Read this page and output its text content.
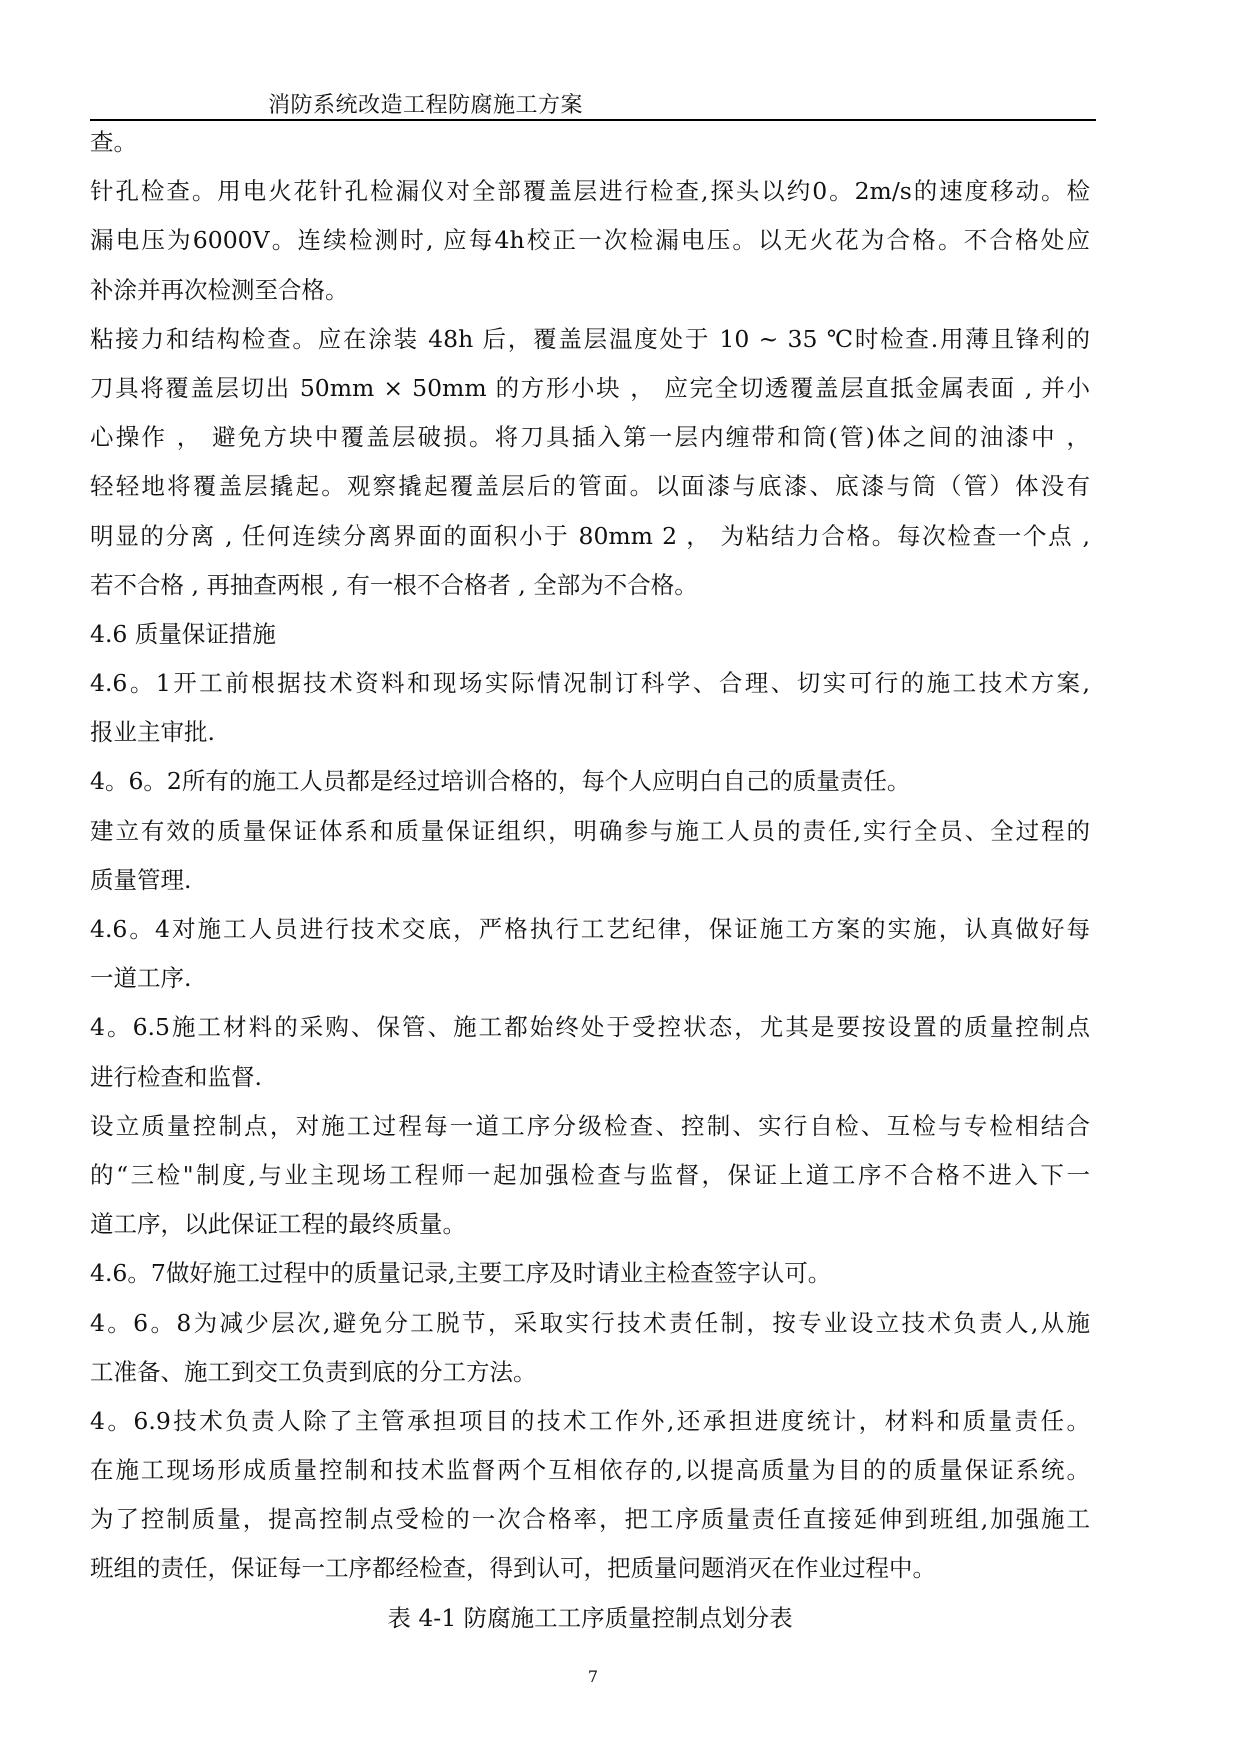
消防系统改造工程防腐施工方案
查。
针孔检查。用电火花针孔检漏仪对全部覆盖层进行检查,探头以约0。2m/s的速度移动。检
漏电压为6000V。连续检测时, 应每4h校正一次检漏电压。以无火花为合格。不合格处应
补涂并再次检测至合格。
粘接力和结构检查。应在涂装 48h 后，覆盖层温度处于 10 ~ 35 ℃时检查.用薄且锋利的
刀具将覆盖层切出 50mm × 50mm 的方形小块 ， 应完全切透覆盖层直抵金属表面 , 并小
心操作 ， 避免方块中覆盖层破损。将刀具插入第一层内缠带和筒(管)体之间的油漆中 ，
轻轻地将覆盖层撬起。观察撬起覆盖层后的管面。以面漆与底漆、底漆与筒（管）体没有
明显的分离 , 任何连续分离界面的面积小于 80mm 2 ， 为粘结力合格。每次检查一个点 ,
若不合格 , 再抽查两根 , 有一根不合格者 , 全部为不合格。
4.6 质量保证措施
4.6。1开工前根据技术资料和现场实际情况制订科学、合理、切实可行的施工技术方案,
报业主审批.
4。6。2所有的施工人员都是经过培训合格的，每个人应明白自己的质量责任。
建立有效的质量保证体系和质量保证组织，明确参与施工人员的责任,实行全员、全过程的
质量管理.
4.6。4对施工人员进行技术交底，严格执行工艺纪律，保证施工方案的实施，认真做好每
一道工序.
4。6.5施工材料的采购、保管、施工都始终处于受控状态，尤其是要按设置的质量控制点
进行检查和监督.
设立质量控制点，对施工过程每一道工序分级检查、控制、实行自检、互检与专检相结合
的“三检"制度,与业主现场工程师一起加强检查与监督，保证上道工序不合格不进入下一
道工序，以此保证工程的最终质量。
4.6。7做好施工过程中的质量记录,主要工序及时请业主检查签字认可。
4。6。8为减少层次,避免分工脱节，采取实行技术责任制，按专业设立技术负责人,从施
工准备、施工到交工负责到底的分工方法。
4。6.9技术负责人除了主管承担项目的技术工作外,还承担进度统计，材料和质量责任。
在施工现场形成质量控制和技术监督两个互相依存的,以提高质量为目的的质量保证系统。
为了控制质量，提高控制点受检的一次合格率，把工序质量责任直接延伸到班组,加强施工
班组的责任，保证每一工序都经检查，得到认可，把质量问题消灭在作业过程中。
表 4-1 防腐施工工序质量控制点划分表
7
